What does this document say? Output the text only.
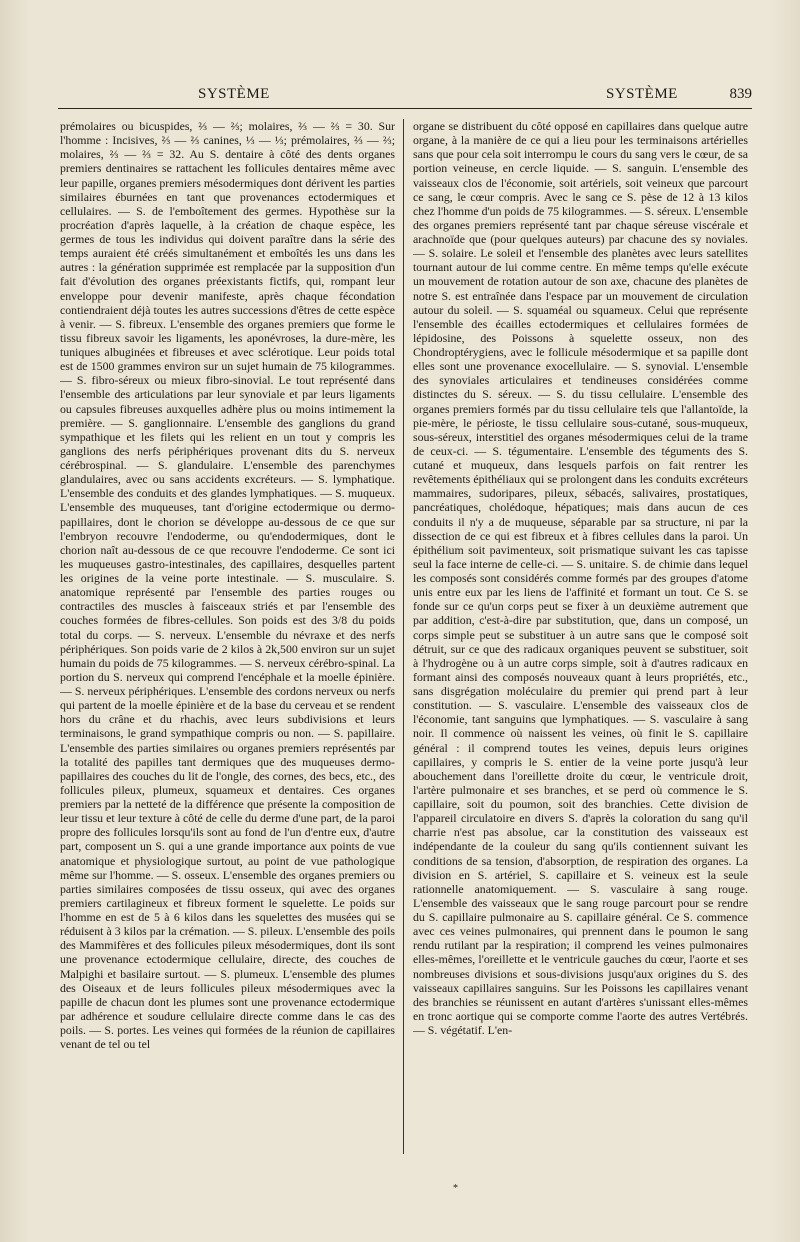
SYSTÈME	SYSTÈME	839

prémolaires ou bicuspides, ⅔ — ⅔; molaires, ⅔ — ⅔ = 30. Sur l'homme : Incisives, ⅔ — ⅔ canines, ⅓ — ⅓; prémolaires, ⅔ — ⅔; molaires, ⅔ — ⅔ = 32. Au S. dentaire à côté des dents organes premiers dentinaires se rattachent les follicules dentaires même avec leur papille, organes premiers mésodermiques dont dérivent les parties similaires éburnées en tant que provenances ectodermiques et cellulaires. — S. de l'emboîtement des germes. Hypothèse sur la procréation d'après laquelle, à la création de chaque espèce, les germes de tous les individus qui doivent paraître dans la série des temps auraient été créés simultanément et emboîtés les uns dans les autres : la génération supprimée est remplacée par la supposition d'un fait d'évolution des organes préexistants fictifs, qui, rompant leur enveloppe pour devenir manifeste, après chaque fécondation contiendraient déjà toutes les autres successions d'êtres de cette espèce à venir. — S. fibreux. L'ensemble des organes premiers que forme le tissu fibreux savoir les ligaments, les aponévroses, la dure-mère, les tuniques albuginées et fibreuses et avec sclérotique. Leur poids total est de 1500 grammes environ sur un sujet humain de 75 kilogrammes. — S. fibro-séreux ou mieux fibro-sinovial. Le tout représenté dans l'ensemble des articulations par leur synoviale et par leurs ligaments ou capsules fibreuses auxquelles adhère plus ou moins intimement la première. — S. ganglionnaire. L'ensemble des ganglions du grand sympathique et les filets qui les relient en un tout y compris les ganglions des nerfs périphériques provenant dits du S. nerveux cérébrospinal. — S. glandulaire. L'ensemble des parenchymes glandulaires, avec ou sans accidents excréteurs. — S. lymphatique. L'ensemble des conduits et des glandes lymphatiques. — S. muqueux. L'ensemble des muqueuses, tant d'origine ectodermique ou dermo-papillaires, dont le chorion se développe au-dessous de ce que sur l'embryon recouvre l'endoderme, ou qu'endodermiques, dont le chorion naît au-dessous de ce que recouvre l'endoderme. Ce sont ici les muqueuses gastro-intestinales, des capillaires, desquelles partent les origines de la veine porte intestinale. — S. musculaire. S. anatomique représenté par l'ensemble des parties rouges ou contractiles des muscles à faisceaux striés et par l'ensemble des couches formées de fibres-cellules. Son poids est des 3/8 du poids total du corps. — S. nerveux. L'ensemble du névraxe et des nerfs périphériques. Son poids varie de 2 kilos à 2k,500 environ sur un sujet humain du poids de 75 kilogrammes. — S. nerveux cérébro-spinal. La portion du S. nerveux qui comprend l'encéphale et la moelle épinière. — S. nerveux périphériques. L'ensemble des cordons nerveux ou nerfs qui partent de la moelle épinière et de la base du cerveau et se rendent hors du crâne et du rhachis, avec leurs subdivisions et leurs terminaisons, le grand sympathique compris ou non. — S. papillaire. L'ensemble des parties similaires ou organes premiers représentés par la totalité des papilles tant dermiques que des muqueuses dermo-papillaires des couches du lit de l'ongle, des cornes, des becs, etc., des follicules pileux, plumeux, squameux et dentaires. Ces organes premiers par la netteté de la différence que présente la composition de leur tissu et leur texture à côté de celle du derme d'une part, de la paroi propre des follicules lorsqu'ils sont au fond de l'un d'entre eux, d'autre part, composent un S. qui a une grande importance aux points de vue anatomique et physiologique surtout, au point de vue pathologique même sur l'homme. — S. osseux. L'ensemble des organes premiers ou parties similaires composées de tissu osseux, qui avec des organes premiers cartilagineux et fibreux forment le squelette. Le poids sur l'homme en est de 5 à 6 kilos dans les squelettes des musées qui se réduisent à 3 kilos par la crémation. — S. pileux. L'ensemble des poils des Mammifères et des follicules pileux mésodermiques, dont ils sont une provenance ectodermique cellulaire, directe, des couches de Malpighi et basilaire surtout. — S. plumeux. L'ensemble des plumes des Oiseaux et de leurs follicules pileux mésodermiques avec la papille de chacun dont les plumes sont une provenance ectodermique par adhérence et soudure cellulaire directe comme dans le cas des poils. — S. portes. Les veines qui formées de la réunion de capillaires venant de tel ou tel

organe se distribuent du côté opposé en capillaires dans quelque autre organe, à la manière de ce qui a lieu pour les terminaisons artérielles sans que pour cela soit interrompu le cours du sang vers le cœur, de sa portion veineuse, en cercle liquide. — S. sanguin. L'ensemble des vaisseaux clos de l'économie, soit artériels, soit veineux que parcourt ce sang, le cœur compris. Avec le sang ce S. pèse de 12 à 13 kilos chez l'homme d'un poids de 75 kilogrammes. — S. séreux. L'ensemble des organes premiers représenté tant par chaque séreuse viscérale et arachnoïde que (pour quelques auteurs) par chacune des sy noviales. — S. solaire. Le soleil et l'ensemble des planètes avec leurs satellites tournant autour de lui comme centre. En même temps qu'elle exécute un mouvement de rotation autour de son axe, chacune des planètes de notre S. est entraînée dans l'espace par un mouvement de circulation autour du soleil. — S. squaméal ou squameux. Celui que représente l'ensemble des écailles ectodermiques et cellulaires formées de lépidosine, des Poissons à squelette osseux, non des Chondroptérygiens, avec le follicule mésodermique et sa papille dont elles sont une provenance exocellulaire. — S. synovial. L'ensemble des synoviales articulaires et tendineuses considérées comme distinctes du S. séreux. — S. du tissu cellulaire. L'ensemble des organes premiers formés par du tissu cellulaire tels que l'allantoïde, la pie-mère, le périoste, le tissu cellulaire sous-cutané, sous-muqueux, sous-séreux, interstitiel des organes mésodermiques celui de la trame de ceux-ci. — S. tégumentaire. L'ensemble des téguments des S. cutané et muqueux, dans lesquels parfois on fait rentrer les revêtements épithéliaux qui se prolongent dans les conduits excréteurs mammaires, sudoripares, pileux, sébacés, salivaires, prostatiques, pancréatiques, cholédoque, hépatiques; mais dans aucun de ces conduits il n'y a de muqueuse, séparable par sa structure, ni par la dissection de ce qui est fibreux et à fibres cellules dans la paroi. Un épithélium soit pavimenteux, soit prismatique suivant les cas tapisse seul la face interne de celle-ci. — S. unitaire. S. de chimie dans lequel les composés sont considérés comme formés par des groupes d'atome unis entre eux par les liens de l'affinité et formant un tout. Ce S. se fonde sur ce qu'un corps peut se fixer à un deuxième autrement que par addition, c'est-à-dire par substitution, que, dans un composé, un corps simple peut se substituer à un autre sans que le composé soit détruit, sur ce que des radicaux organiques peuvent se substituer, soit à l'hydrogène ou à un autre corps simple, soit à d'autres radicaux en formant ainsi des composés nouveaux quant à leurs propriétés, etc., sans disgrégation moléculaire du premier qui prend part à leur constitution. — S. vasculaire. L'ensemble des vaisseaux clos de l'économie, tant sanguins que lymphatiques. — S. vasculaire à sang noir. Il commence où naissent les veines, où finit le S. capillaire général : il comprend toutes les veines, depuis leurs origines capillaires, y compris le S. entier de la veine porte jusqu'à leur abouchement dans l'oreillette droite du cœur, le ventricule droit, l'artère pulmonaire et ses branches, et se perd où commence le S. capillaire, soit du poumon, soit des branchies. Cette division de l'appareil circulatoire en divers S. d'après la coloration du sang qu'il charrie n'est pas absolue, car la constitution des vaisseaux est indépendante de la couleur du sang qu'ils contiennent suivant les conditions de sa tension, d'absorption, de respiration des organes. La division en S. artériel, S. capillaire et S. veineux est la seule rationnelle anatomiquement. — S. vasculaire à sang rouge. L'ensemble des vaisseaux que le sang rouge parcourt pour se rendre du S. capillaire pulmonaire au S. capillaire général. Ce S. commence avec ces veines pulmonaires, qui prennent dans le poumon le sang rendu rutilant par la respiration; il comprend les veines pulmonaires elles-mêmes, l'oreillette et le ventricule gauches du cœur, l'aorte et ses nombreuses divisions et sous-divisions jusqu'aux origines du S. des vaisseaux capillaires sanguins. Sur les Poissons les capillaires venant des branchies se réunissent en autant d'artères s'unissant elles-mêmes en tronc aortique qui se comporte comme l'aorte des autres Vertébrés. — S. végétatif. L'en-

*
